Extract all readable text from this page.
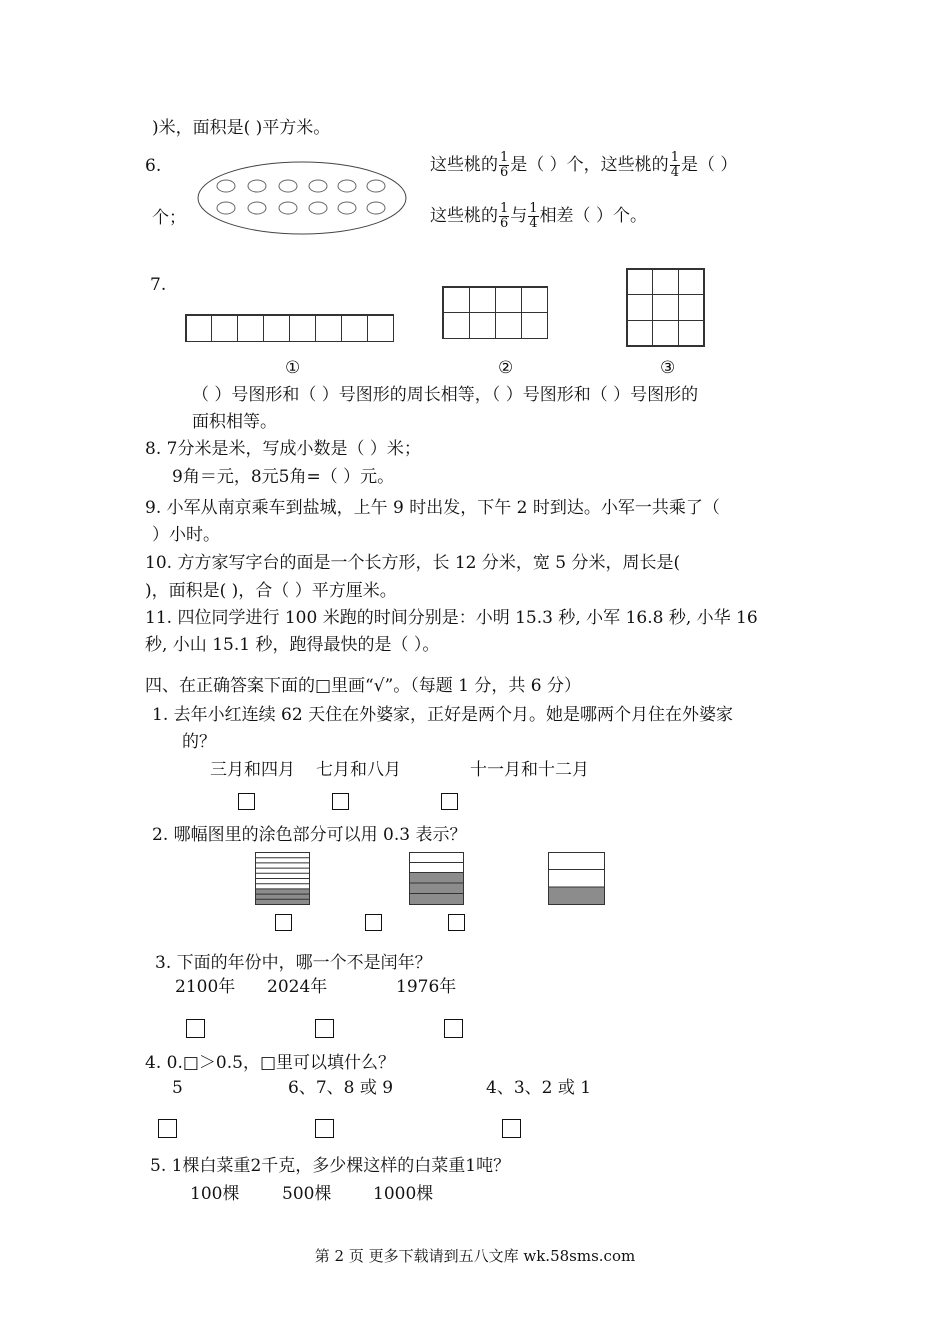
)米，面积是( )平方米。
6.	这些桃的 $\frac{1}{6}$ 是（ ）个，这些桃的 $\frac{1}{4}$ 是（ ）
个；	这些桃的 $\frac{1}{6}$ 与 $\frac{1}{4}$ 相差（ ）个。
7.
①	②	③
（ ）号图形和（ ）号图形的周长相等，（ ）号图形和（ ）号图形的
面积相等。
8. 7分米是米，写成小数是（ ）米；
9角＝元，8元5角=（ ）元。
9. 小军从南京乘车到盐城，上午 9 时出发，下午 2 时到达。小军一共乘了（
）小时。
10. 方方家写字台的面是一个长方形，长 12 分米，宽 5 分米，周长是(
)，面积是( )，合（ ）平方厘米。
11. 四位同学进行 100 米跑的时间分别是：小明 15.3 秒, 小军 16.8 秒, 小华 16
秒, 小山 15.1 秒，跑得最快的是（ ）。
四、在正确答案下面的□里画“√”。（每题 1 分，共 6 分）
1. 去年小红连续 62 天住在外婆家，正好是两个月。她是哪两个月住在外婆家
的？
三月和四月 七月和八月	十一月和十二月
2. 哪幅图里的涂色部分可以用 0.3 表示？
3. 下面的年份中，哪一个不是闰年？
2100年 2024年	1976年
4. 0.□＞0.5，□里可以填什么？
5	6、7、8 或 9	4、3、2 或 1
5. 1棵白菜重2千克，多少棵这样的白菜重1吨？
100棵	500棵 1000棵
第 2 页 更多下载请到五八文库 wk.58sms.com
